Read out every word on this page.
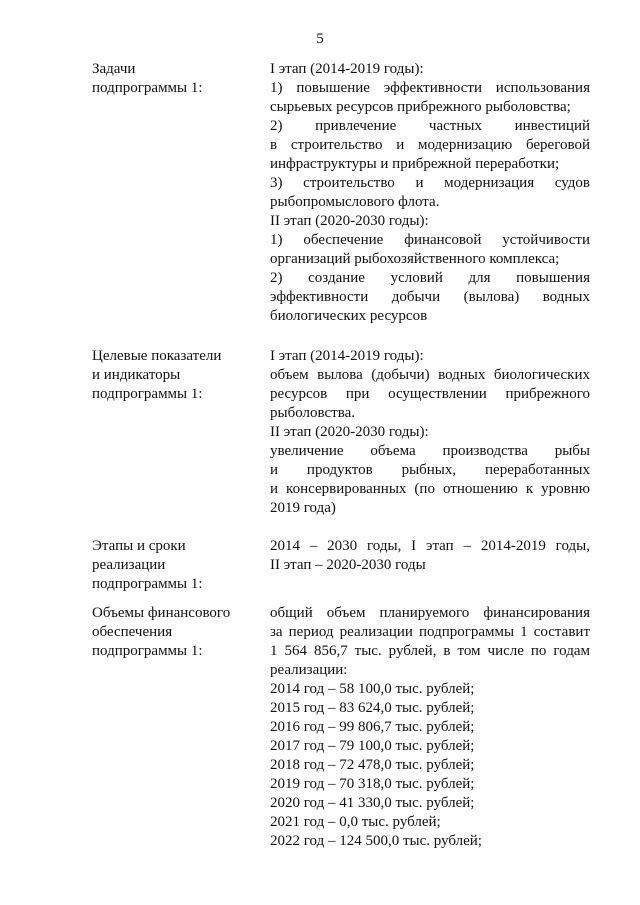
5
Задачи
подпрограммы 1:
I этап (2014-2019 годы):
1) повышение эффективности использования
сырьевых ресурсов прибрежного рыболовства;
2) привлечение частных инвестиций
в строительство и модернизацию береговой
инфраструктуры и прибрежной переработки;
3) строительство и модернизация судов
рыбопромыслового флота.
II этап (2020-2030 годы):
1) обеспечение финансовой устойчивости
организаций рыбохозяйственного комплекса;
2) создание условий для повышения
эффективности добычи (вылова) водных
биологических ресурсов
Целевые показатели
и индикаторы
подпрограммы 1:
I этап (2014-2019 годы):
объем вылова (добычи) водных биологических
ресурсов при осуществлении прибрежного
рыболовства.
II этап (2020-2030 годы):
увеличение объема производства рыбы
и продуктов рыбных, переработанных
и консервированных (по отношению к уровню
2019 года)
Этапы и сроки
реализации
подпрограммы 1:
2014 – 2030 годы, I этап – 2014-2019 годы,
II этап – 2020-2030 годы
Объемы финансового
обеспечения
подпрограммы 1:
общий объем планируемого финансирования
за период реализации подпрограммы 1 составит
1 564 856,7 тыс. рублей, в том числе по годам
реализации:
2014 год – 58 100,0 тыс. рублей;
2015 год – 83 624,0 тыс. рублей;
2016 год – 99 806,7 тыс. рублей;
2017 год – 79 100,0 тыс. рублей;
2018 год – 72 478,0 тыс. рублей;
2019 год – 70 318,0 тыс. рублей;
2020 год – 41 330,0 тыс. рублей;
2021 год – 0,0 тыс. рублей;
2022 год – 124 500,0 тыс. рублей;
